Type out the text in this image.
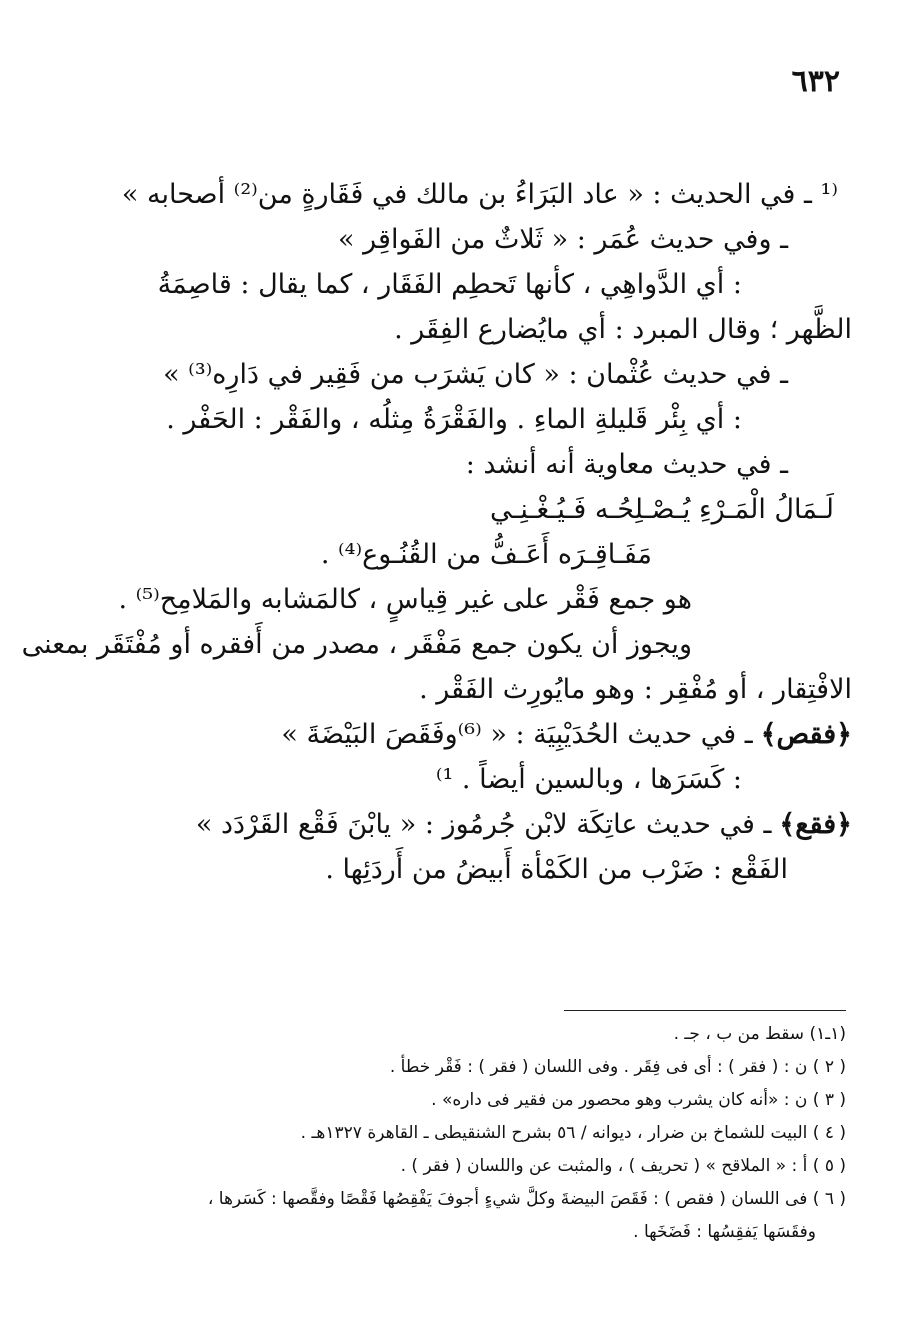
٦٣٢
⁽¹ ـ في الحديث : « عاد البَرَاءُ بن مالك في فَقَارةٍ من⁽²⁾ أصحابه »
ـ وفي حديث عُمَر : « ثَلاثٌ من الفَواقِر »
: أي الدَّواهِي ، كأنها تَحطِم الفَقَار ، كما يقال : قاصِمَةُ
الظَّهر ؛ وقال المبرد : أي مايُضارع الفِقَر .
ـ في حديث عُثْمان : « كان يَشرَب من فَقِير في دَارِه⁽³⁾ »
: أي بِئْر قَليلةِ الماءِ . والفَقْرَةُ مِثلُه ، والفَقْر : الحَفْر .
ـ في حديث معاوية أنه أنشد :
لَـمَالُ الْمَـرْءِ يُـصْـلِحُـه فَـيُـغْـنِـي
مَفَـاقِـرَه أَعَـفُّ من القُنُـوع⁽⁴⁾ .
هو جمع فَقْر على غير قِياسٍ ، كالمَشابه والمَلامِح⁽⁵⁾ .
ويجوز أن يكون جمع مَفْقَر ، مصدر من أَفقره أو مُفْتَقَر بمعنى
الافْتِقار ، أو مُفْقِر : وهو مايُورِث الفَقْر .
﴿فقص﴾ـ في حديث الحُدَيْبِيَة : « ⁽⁶⁾وفَقَصَ البَيْضَةَ »
: كَسَرَها ، وبالسين أيضاً . ¹⁾
﴿فقع﴾ـ في حديث عاتِكَة لابْن جُرمُوز : « يابْنَ فَقْع القَرْدَد »
الفَقْع : ضَرْب من الكَمْأة أَبيضُ من أَردَئِها .
(١ـ١) سقط من ب ، جـ .
( ٢ ) ن : ( فقر ) : أى فى فِقَر . وفى اللسان ( فقر ) : فَقْر خطأ .
( ٣ ) ن : «أنه كان يشرب وهو محصور من فقير فى داره» .
( ٤ ) البيت للشماخ بن ضرار ، ديوانه / ٥٦ بشرح الشنقيطى ـ القاهرة ١٣٢٧هـ .
( ٥ ) أ : « الملاقح » ( تحريف ) ، والمثبت عن واللسان ( فقر ) .
( ٦ ) فى اللسان ( فقص ) : فَقَصَ البيضةَ وكلَّ شيءٍ أجوفَ يَفْقِصُها فَقْصًا وفقَّصها : كَسَرها ،
وفقَسَها يَفقِسُها : فَضَخَها .
